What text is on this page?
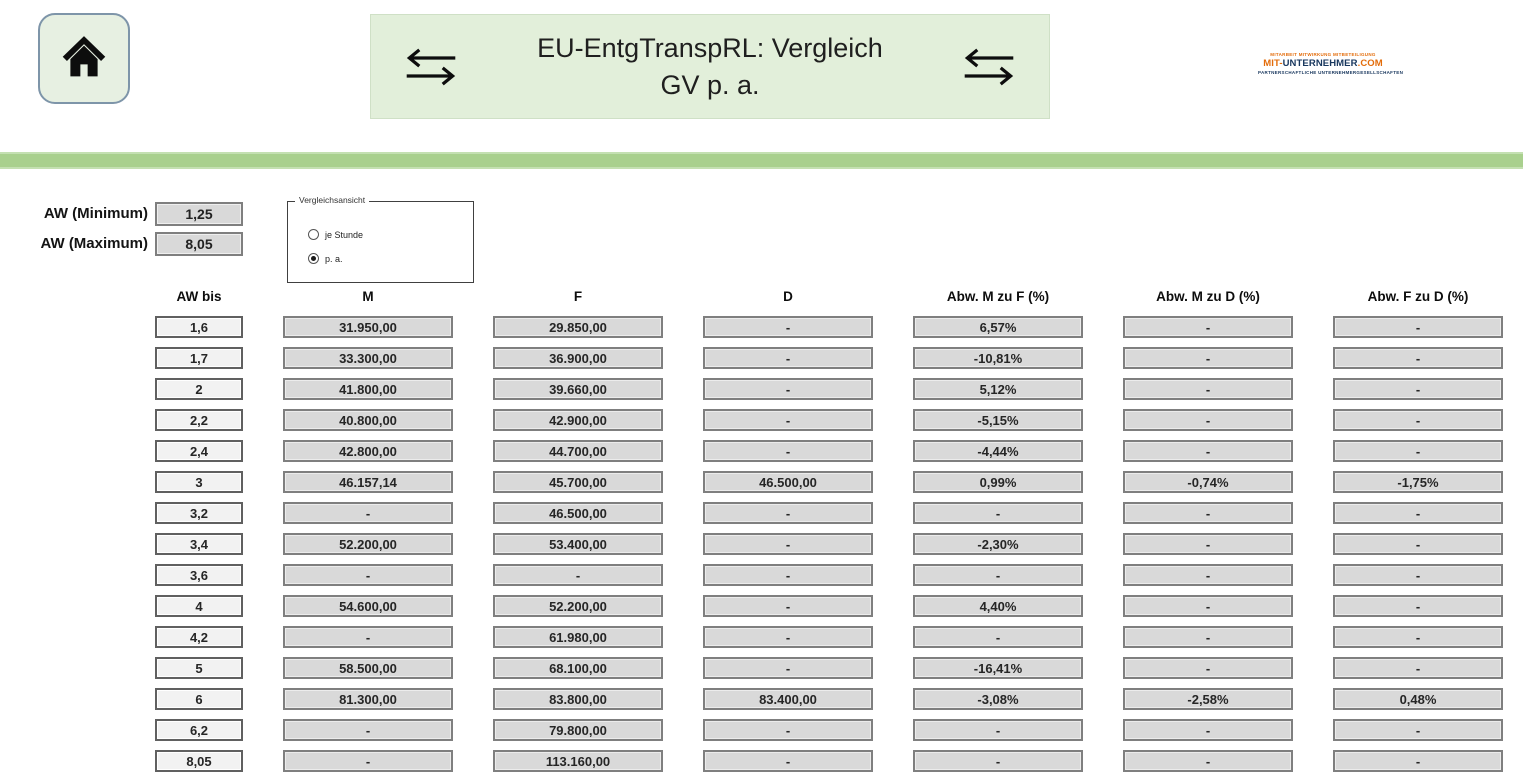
EU-EntgTranspRL: Vergleich
GV p. a.
MITARBEIT MITWIRKUNG MITBETEILIGUNG
MIT-UNTERNEHMER.COM
PARTNERSCHAFTLICHE UNTERNEHMERGESELLSCHAFTEN
AW (Minimum)	1,25
AW (Maximum)	8,05
Vergleichsansicht
je Stunde
p. a.
AW bis	M	F	D	Abw. M zu F (%)	Abw. M zu D (%)	Abw. F zu D (%)
1,6	31.950,00	29.850,00	-	6,57%	-	-
1,7	33.300,00	36.900,00	-	-10,81%	-	-
2	41.800,00	39.660,00	-	5,12%	-	-
2,2	40.800,00	42.900,00	-	-5,15%	-	-
2,4	42.800,00	44.700,00	-	-4,44%	-	-
3	46.157,14	45.700,00	46.500,00	0,99%	-0,74%	-1,75%
3,2	-	46.500,00	-	-	-	-
3,4	52.200,00	53.400,00	-	-2,30%	-	-
3,6	-	-	-	-	-	-
4	54.600,00	52.200,00	-	4,40%	-	-
4,2	-	61.980,00	-	-	-	-
5	58.500,00	68.100,00	-	-16,41%	-	-
6	81.300,00	83.800,00	83.400,00	-3,08%	-2,58%	0,48%
6,2	-	79.800,00	-	-	-	-
8,05	-	113.160,00	-	-	-	-
